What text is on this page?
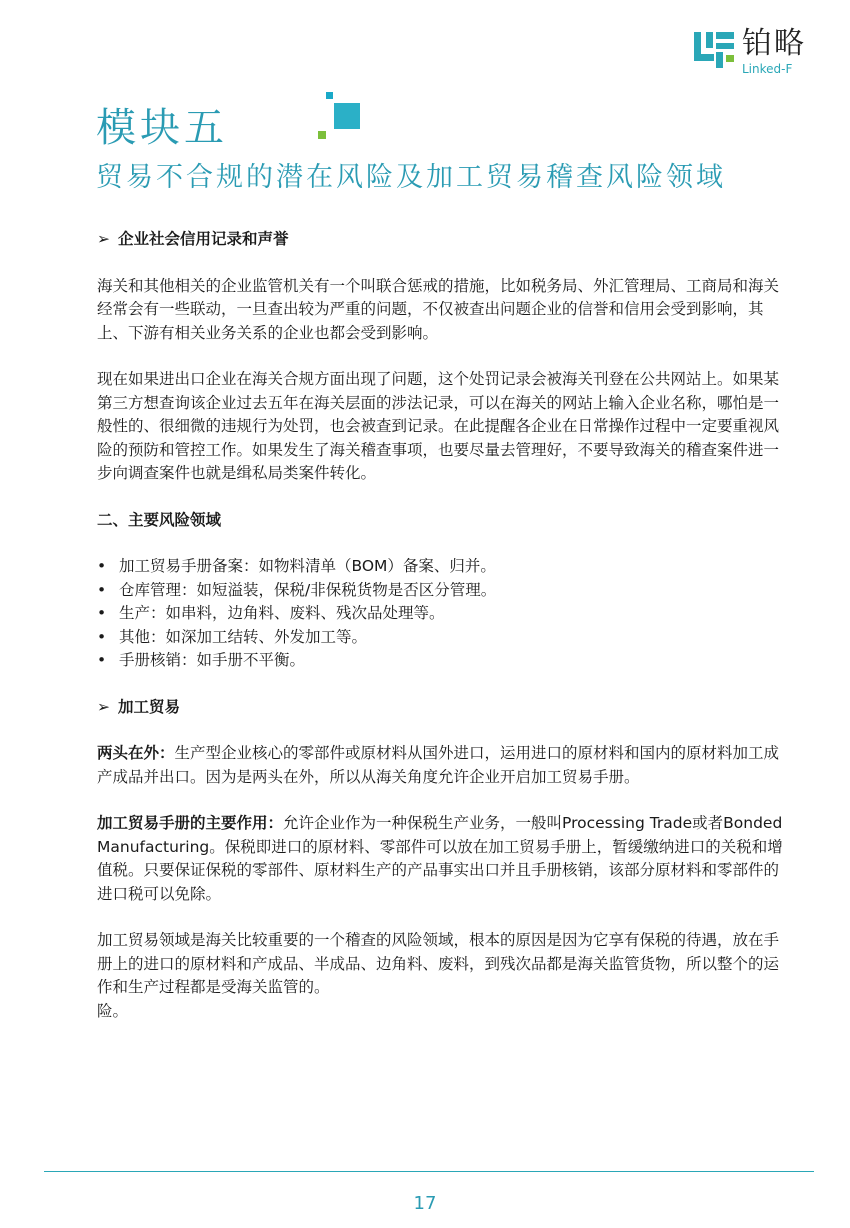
铂略
Linked-F
模块五
贸易不合规的潜在风险及加工贸易稽查风险领域

➢ 企业社会信用记录和声誉

海关和其他相关的企业监管机关有一个叫联合惩戒的措施，比如税务局、外汇管理局、工商局和海关经常会有一些联动，一旦查出较为严重的问题，不仅被查出问题企业的信誉和信用会受到影响，其上、下游有相关业务关系的企业也都会受到影响。

现在如果进出口企业在海关合规方面出现了问题，这个处罚记录会被海关刊登在公共网站上。如果某第三方想查询该企业过去五年在海关层面的涉法记录，可以在海关的网站上输入企业名称，哪怕是一般性的、很细微的违规行为处罚，也会被查到记录。在此提醒各企业在日常操作过程中一定要重视风险的预防和管控工作。如果发生了海关稽查事项，也要尽量去管理好，不要导致海关的稽查案件进一步向调查案件也就是缉私局类案件转化。

二、主要风险领域

• 加工贸易手册备案：如物料清单（BOM）备案、归并。
• 仓库管理：如短溢装，保税/非保税货物是否区分管理。
• 生产：如串料，边角料、废料、残次品处理等。
• 其他：如深加工结转、外发加工等。
• 手册核销：如手册不平衡。

➢ 加工贸易

两头在外：生产型企业核心的零部件或原材料从国外进口，运用进口的原材料和国内的原材料加工成产成品并出口。因为是两头在外，所以从海关角度允许企业开启加工贸易手册。

加工贸易手册的主要作用：允许企业作为一种保税生产业务，一般叫Processing Trade或者Bonded Manufacturing。保税即进口的原材料、零部件可以放在加工贸易手册上，暂缓缴纳进口的关税和增值税。只要保证保税的零部件、原材料生产的产品事实出口并且手册核销，该部分原材料和零部件的进口税可以免除。

加工贸易领域是海关比较重要的一个稽查的风险领域，根本的原因是因为它享有保税的待遇，放在手册上的进口的原材料和产成品、半成品、边角料、废料，到残次品都是海关监管货物，所以整个的运作和生产过程都是受海关监管的。

险。

17
